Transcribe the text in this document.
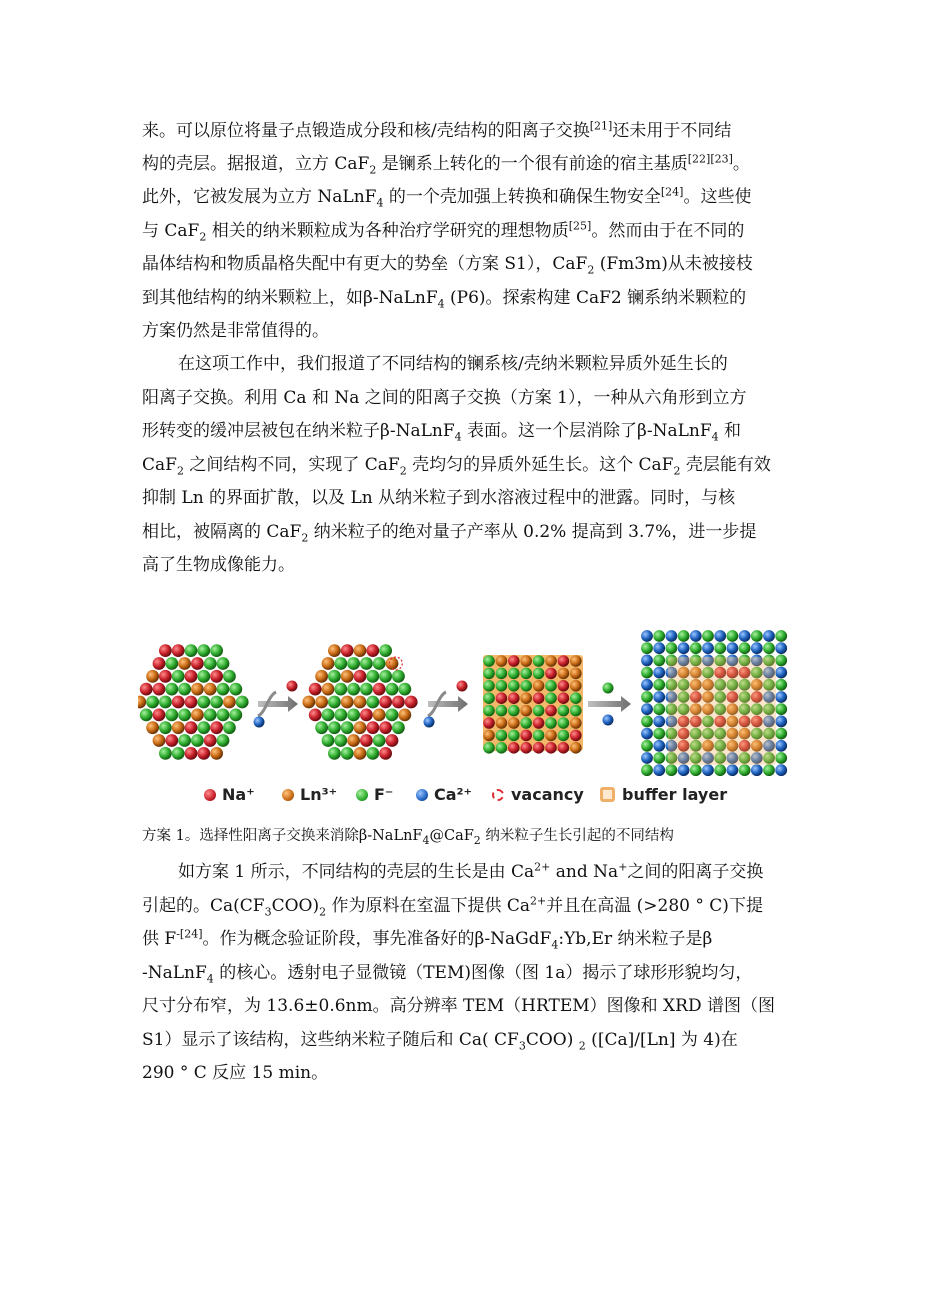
来。可以原位将量子点锻造成分段和核/壳结构的阳离子交换[21]还未用于不同结
构的壳层。据报道，立方 CaF$_2$ 是镧系上转化的一个很有前途的宿主基质[22][23]。
此外，它被发展为立方 NaLnF$_4$ 的一个壳加强上转换和确保生物安全[24]。这些使
与 CaF$_2$ 相关的纳米颗粒成为各种治疗学研究的理想物质[25]。然而由于在不同的
晶体结构和物质晶格失配中有更大的势垒（方案 S1），CaF$_2$ (Fm3m)从未被接枝
到其他结构的纳米颗粒上，如β-NaLnF$_4$ (P6)。探索构建 CaF2 镧系纳米颗粒的
方案仍然是非常值得的。
在这项工作中，我们报道了不同结构的镧系核/壳纳米颗粒异质外延生长的
阳离子交换。利用 Ca 和 Na 之间的阳离子交换（方案 1），一种从六角形到立方
形转变的缓冲层被包在纳米粒子β-NaLnF$_4$ 表面。这一个层消除了β-NaLnF$_4$ 和
CaF$_2$ 之间结构不同，实现了 CaF$_2$ 壳均匀的异质外延生长。这个 CaF$_2$ 壳层能有效
抑制 Ln 的界面扩散，以及 Ln 从纳米粒子到水溶液过程中的泄露。同时，与核
相比，被隔离的 CaF$_2$ 纳米粒子的绝对量子产率从 0.2% 提高到 3.7%，进一步提
高了生物成像能力。
Na⁺	Ln³⁺ F⁻	Ca²⁺ vacancy buffer layer
方案 1。选择性阳离子交换来消除β-NaLnF$_4$@CaF$_2$ 纳米粒子生长引起的不同结构
如方案 1 所示，不同结构的壳层的生长是由 $Ca^{2+}$ and Na+之间的阳离子交换
引起的。$Ca(CF_3COO)_2$ 作为原料在室温下提供 $Ca^{2+}$并且在高温 (>280 ° C)下提
供 $F^{-[24]}$。作为概念验证阶段，事先准备好的β-NaGdF$_4$:Yb,Er 纳米粒子是β
-NaLnF$_4$ 的核心。透射电子显微镜（TEM)图像（图 1a）揭示了球形形貌均匀，
尺寸分布窄，为 13.6±0.6nm。高分辨率 TEM（HRTEM）图像和 XRD 谱图（图
S1）显示了该结构，这些纳米粒子随后和 Ca( $CF_3COO$) $_2$ ([Ca]/[Ln] 为 4)在
290 ° C 反应 15 min。
